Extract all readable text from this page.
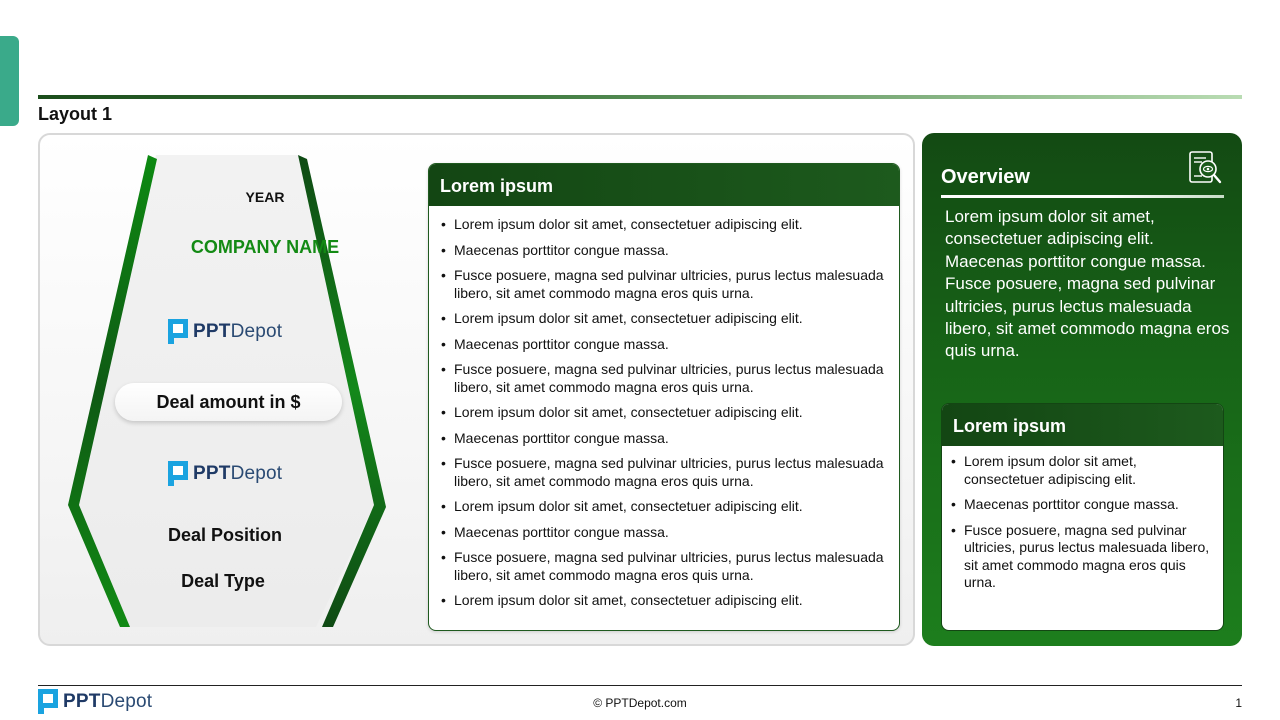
Layout 1
YEAR
COMPANY NAME
PPTDepot
Deal amount in $
PPTDepot
Deal Position
Deal Type
Lorem ipsum
• Lorem ipsum dolor sit amet, consectetuer adipiscing elit.
• Maecenas porttitor congue massa.
• Fusce posuere, magna sed pulvinar ultricies, purus lectus malesuada libero, sit amet commodo magna eros quis urna.
• Lorem ipsum dolor sit amet, consectetuer adipiscing elit.
• Maecenas porttitor congue massa.
• Fusce posuere, magna sed pulvinar ultricies, purus lectus malesuada libero, sit amet commodo magna eros quis urna.
• Lorem ipsum dolor sit amet, consectetuer adipiscing elit.
• Maecenas porttitor congue massa.
• Fusce posuere, magna sed pulvinar ultricies, purus lectus malesuada libero, sit amet commodo magna eros quis urna.
• Lorem ipsum dolor sit amet, consectetuer adipiscing elit.
• Maecenas porttitor congue massa.
• Fusce posuere, magna sed pulvinar ultricies, purus lectus malesuada libero, sit amet commodo magna eros quis urna.
• Lorem ipsum dolor sit amet, consectetuer adipiscing elit.
Overview
Lorem ipsum dolor sit amet, consectetuer adipiscing elit. Maecenas porttitor congue massa. Fusce posuere, magna sed pulvinar ultricies, purus lectus malesuada libero, sit amet commodo magna eros quis urna.
Lorem ipsum
• Lorem ipsum dolor sit amet, consectetuer adipiscing elit.
• Maecenas porttitor congue massa.
• Fusce posuere, magna sed pulvinar ultricies, purus lectus malesuada libero, sit amet commodo magna eros quis urna.
PPTDepot	© PPTDepot.com	1
